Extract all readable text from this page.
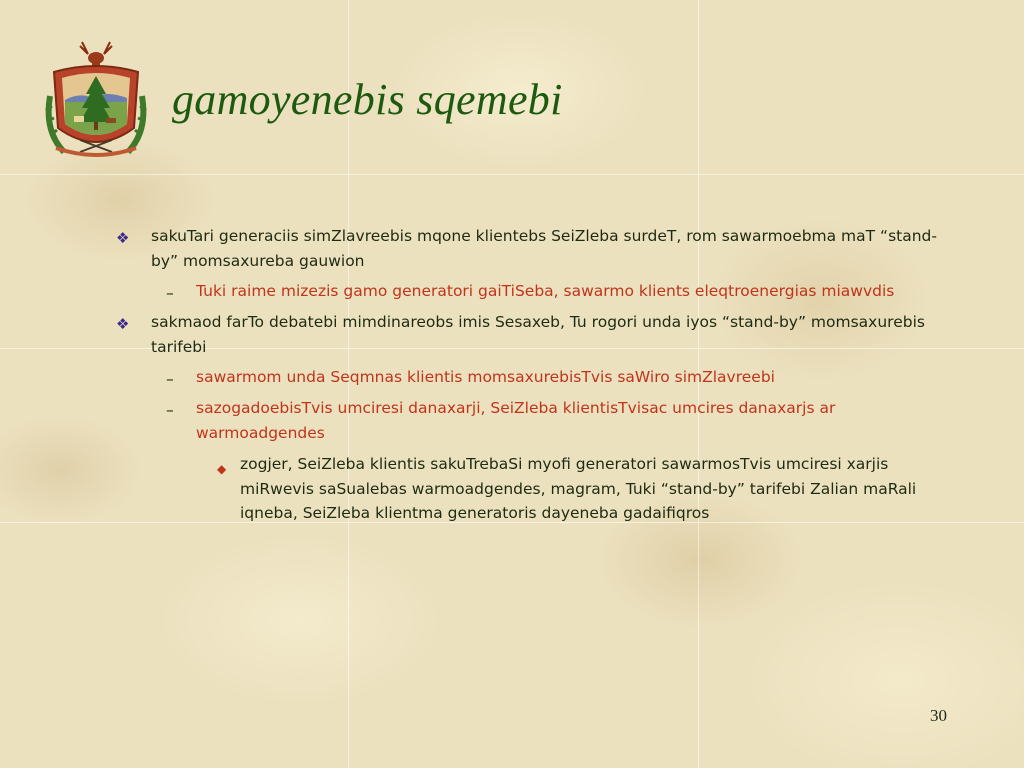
gamoyenebis sqemebi
❖ sakuTari generaciis simZlavreebis mqone klientebs SeiZleba surdeT, rom sawarmoebma maT “stand-by” momsaxureba gauwion
– Tuki raime mizezis gamo generatori gaiTiSeba, sawarmo klients eleqtroenergias miawvdis
❖ sakmaod farTo debatebi mimdinareobs imis Sesaxeb, Tu rogori unda iyos “stand-by” momsaxurebis tarifebi
– sawarmom unda Seqmnas klientis momsaxurebisTvis saWiro simZlavreebi
– sazogadoebisTvis umciresi danaxarji, SeiZleba klientisTvisac umcires danaxarjs ar warmoadgendes
◆ zogjer, SeiZleba klientis sakuTrebaSi myofi generatori sawarmosTvis umciresi xarjis miRwevis saSualebas warmoadgendes, magram, Tuki “stand-by” tarifebi Zalian maRali iqneba, SeiZleba klientma generatoris dayeneba gadaifiqros
30
